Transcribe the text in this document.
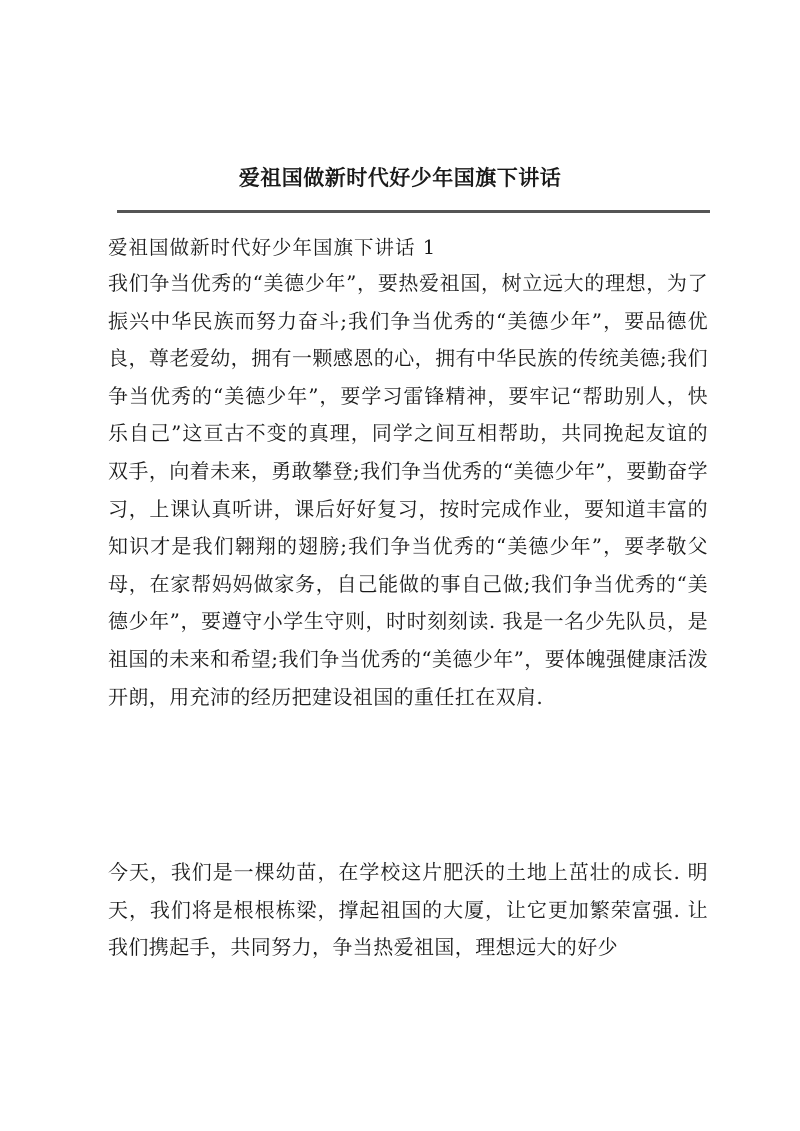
爱祖国做新时代好少年国旗下讲话
爱祖国做新时代好少年国旗下讲话 1

我们争当优秀的“美德少年”，要热爱祖国，树立远大的理想，为了振兴中华民族而努力奋斗;我们争当优秀的“美德少年”，要品德优良，尊老爱幼，拥有一颗感恩的心，拥有中华民族的传统美德;我们争当优秀的“美德少年”，要学习雷锋精神，要牢记“帮助别人，快乐自己”这亘古不变的真理，同学之间互相帮助，共同挽起友谊的双手，向着未来，勇敢攀登;我们争当优秀的“美德少年”，要勤奋学习，上课认真听讲，课后好好复习，按时完成作业，要知道丰富的知识才是我们翱翔的翅膀;我们争当优秀的“美德少年”，要孝敬父母，在家帮妈妈做家务，自己能做的事自己做;我们争当优秀的“美德少年”，要遵守小学生守则，时时刻刻读. 我是一名少先队员，是祖国的未来和希望;我们争当优秀的“美德少年”，要体魄强健康活泼开朗，用充沛的经历把建设祖国的重任扛在双肩.

今天，我们是一棵幼苗，在学校这片肥沃的土地上茁壮的成长. 明天，我们将是根根栋梁，撑起祖国的大厦，让它更加繁荣富强. 让我们携起手，共同努力，争当热爱祖国，理想远大的好少
